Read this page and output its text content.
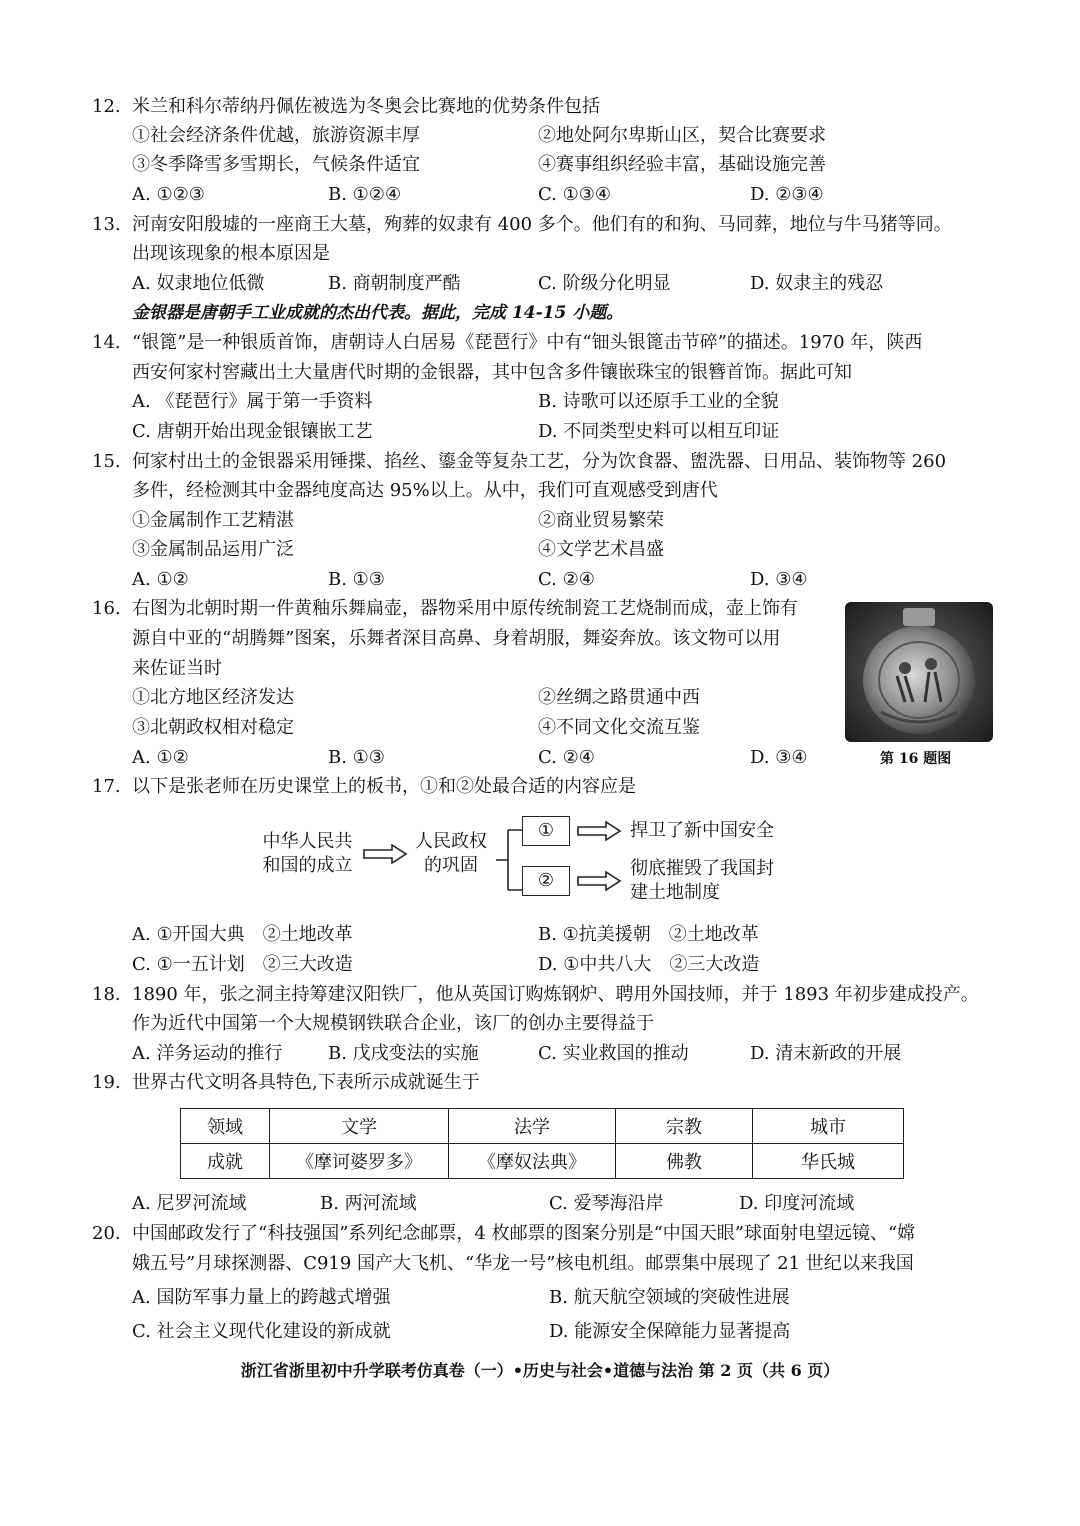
12. 米兰和科尔蒂纳丹佩佐被选为冬奥会比赛地的优势条件包括
①社会经济条件优越，旅游资源丰厚	②地处阿尔卑斯山区，契合比赛要求
③冬季降雪多雪期长，气候条件适宜	④赛事组织经验丰富，基础设施完善
A. ①②③	B. ①②④	C. ①③④	D. ②③④
13. 河南安阳殷墟的一座商王大墓，殉葬的奴隶有 400 多个。他们有的和狗、马同葬，地位与牛马猪等同。
出现该现象的根本原因是
A. 奴隶地位低微	B. 商朝制度严酷	C. 阶级分化明显	D. 奴隶主的残忍
金银器是唐朝手工业成就的杰出代表。据此，完成 14-15 小题。
14. “银篦”是一种银质首饰，唐朝诗人白居易《琵琶行》中有“钿头银篦击节碎”的描述。1970 年，陕西
西安何家村窖藏出土大量唐代时期的金银器，其中包含多件镶嵌珠宝的银簪首饰。据此可知
A. 《琵琶行》属于第一手资料	B. 诗歌可以还原手工业的全貌
C. 唐朝开始出现金银镶嵌工艺	D. 不同类型史料可以相互印证
15. 何家村出土的金银器采用锤揲、掐丝、鎏金等复杂工艺，分为饮食器、盥洗器、日用品、装饰物等 260
多件，经检测其中金器纯度高达 95%以上。从中，我们可直观感受到唐代
①金属制作工艺精湛	②商业贸易繁荣
③金属制品运用广泛	④文学艺术昌盛
A. ①②	B. ①③	C. ②④	D. ③④
16. 右图为北朝时期一件黄釉乐舞扁壶，器物采用中原传统制瓷工艺烧制而成，壶上饰有
源自中亚的“胡腾舞”图案，乐舞者深目高鼻、身着胡服，舞姿奔放。该文物可以用
来佐证当时
①北方地区经济发达	②丝绸之路贯通中西
③北朝政权相对稳定	④不同文化交流互鉴
A. ①②	B. ①③	C. ②④	D. ③④	第 16 题图
17. 以下是张老师在历史课堂上的板书，①和②处最合适的内容应是
中华人民共
和国的成立
人民政权
的巩固
①
②
捍卫了新中国安全
彻底摧毁了我国封
建土地制度
A. ①开国大典　②土地改革	B. ①抗美援朝　②土地改革
C. ①一五计划　②三大改造	D. ①中共八大　②三大改造
18. 1890 年，张之洞主持筹建汉阳铁厂，他从英国订购炼钢炉、聘用外国技师，并于 1893 年初步建成投产。
作为近代中国第一个大规模钢铁联合企业，该厂的创办主要得益于
A. 洋务运动的推行	B. 戊戌变法的实施	C. 实业救国的推动	D. 清末新政的开展
19. 世界古代文明各具特色,下表所示成就诞生于
领域	文学	法学	宗教	城市
成就	《摩诃婆罗多》	《摩奴法典》	佛教	华氏城
A. 尼罗河流域	B. 两河流域	C. 爱琴海沿岸	D. 印度河流域
20. 中国邮政发行了“科技强国”系列纪念邮票，4 枚邮票的图案分别是“中国天眼”球面射电望远镜、“嫦
娥五号”月球探测器、C919 国产大飞机、“华龙一号”核电机组。邮票集中展现了 21 世纪以来我国
A. 国防军事力量上的跨越式增强	B. 航天航空领域的突破性进展
C. 社会主义现代化建设的新成就	D. 能源安全保障能力显著提高
浙江省浙里初中升学联考仿真卷（一）•历史与社会•道德与法治 第 2 页（共 6 页）
